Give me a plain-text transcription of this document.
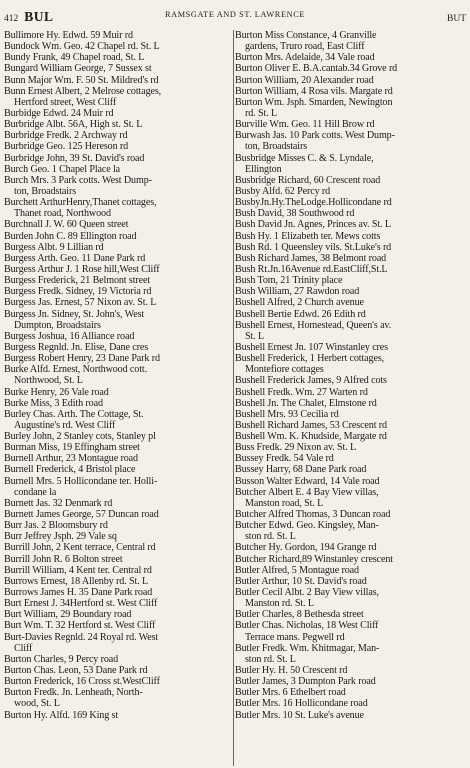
412 BUL	RAMSGATE AND ST. LAWRENCE	BUT
Bullimore Hy. Edwd. 59 Muir rd
Bundock Wm. Geo. 42 Chapel rd. St. L
Bundy Frank, 49 Chapel road, St. L
Bungard William George, 7 Sussex st
Bunn Major Wm. F. 50 St. Mildred's rd
Bunn Ernest Albert, 2 Melrose cottages,
Hertford street, West Cliff
Burbidge Edwd. 24 Muir rd
Burbridge Albt. 56A, High st. St. L
Burbridge Fredk. 2 Archway rd
Burbridge Geo. 125 Hereson rd
Burbridge John, 39 St. David's road
Burch Geo. 1 Chapel Place la
Burch Mrs. 3 Park cotts. West Dump-
ton, Broadstairs
Burchett ArthurHenry,Thanet cottages,
Thanet road, Northwood
Burchnall J. W. 60 Queen street
Burden John C. 89 Ellington road
Burgess Albt. 9 Lillian rd
Burgess Arth. Geo. 11 Dane Park rd
Burgess Arthur J. 1 Rose hill,West Cliff
Burgess Frederick, 21 Belmont street
Burgess Fredk. Sidney, 19 Victoria rd
Burgess Jas. Ernest, 57 Nixon av. St. L
Burgess Jn. Sidney, St. John's, West
Dumpton, Broadstairs
Burgess Joshua, 16 Alliance road
Burgess Regnld. Jn. Elise, Dane cres
Burgess Robert Henry, 23 Dane Park rd
Burke Alfd. Ernest, Northwood cott.
Northwood, St. L
Burke Henry, 26 Vale road
Burke Miss, 3 Edith road
Burley Chas. Arth. The Cottage, St.
Augustine's rd. West Cliff
Burley John, 2 Stanley cots, Stanley pl
Burman Miss, 19 Effingham street
Burnell Arthur, 23 Montague road
Burnell Frederick, 4 Bristol place
Burnell Mrs. 5 Hollicondane ter. Holli-
condane la
Burnett Jas. 32 Denmark rd
Burnett James George, 57 Duncan road
Burr Jas. 2 Bloomsbury rd
Burr Jeffrey Jsph. 29 Vale sq
Burrill John, 2 Kent terrace, Central rd
Burrill John R. 6 Bolton street
Burrill William, 4 Kent ter. Central rd
Burrows Ernest, 18 Allenby rd. St. L
Burrows James H. 35 Dane Park road
Burt Ernest J. 34Hertford st. West Cliff
Burt William, 29 Boundary road
Burt Wm. T. 32 Hertford st. West Cliff
Burt-Davies Regnld. 24 Royal rd. West
Cliff
Burton Charles, 9 Percy road
Burton Chas. Leon, 53 Dane Park rd
Burton Frederick, 16 Cross st.WestCliff
Burton Fredk. Jn. Lenheath, North-
wood, St. L
Burton Hy. Alfd. 169 King st
Burton Miss Constance, 4 Granville
gardens, Truro road, East Cliff
Burton Mrs. Adelaide, 34 Vale road
Burton Oliver E. B.A.cantab.34 Grove rd
Burton William, 20 Alexander road
Burton William, 4 Rosa vils. Margate rd
Burton Wm. Jsph. Smarden, Newington
rd. St. L
Burville Wm. Geo. 11 Hill Brow rd
Burwash Jas. 10 Park cotts. West Dump-
ton, Broadstairs
Busbridge Misses C. & S. Lyndale,
Ellington
Busbridge Richard, 60 Crescent road
Busby Alfd. 62 Percy rd
BusbyJn.Hy.TheLodge.Hollicondane rd
Bush David, 38 Southwood rd
Bush David Jn. Agnes, Princes av. St. L
Bush Hy. 1 Elizabeth ter. Mews cotts
Bush Rd. 1 Queensley vils. St.Luke's rd
Bush Richard James, 38 Belmont road
Bush Rt.Jn.16Avenue rd.EastCliff,St.L
Bush Tom, 21 Trinity place
Bush William, 27 Rawdon road
Bushell Alfred, 2 Church avenue
Bushell Bertie Edwd. 26 Edith rd
Bushell Ernest, Homestead, Queen's av.
St. L
Bushell Ernest Jn. 107 Winstanley cres
Bushell Frederick, 1 Herbert cottages,
Montefiore cottages
Bushell Frederick James, 9 Alfred cots
Bushell Fredk. Wm. 27 Warten rd
Bushell Jn. The Chalet, Elmstone rd
Bushell Mrs. 93 Cecilia rd
Bushell Richard James, 53 Crescent rd
Bushell Wm. K. Khudside, Margate rd
Buss Fredk. 29 Nixon av. St. L
Bussey Fredk. 54 Vale rd
Bussey Harry, 68 Dane Park road
Busson Walter Edward, 14 Vale road
Butcher Albert E. 4 Bay View villas,
Manston road, St. L
Butcher Alfred Thomas, 3 Duncan road
Butcher Edwd. Geo. Kingsley, Man-
ston rd. St. L
Butcher Hy. Gordon, 194 Grange rd
Butcher Richard,89 Winstanley crescent
Butler Alfred, 5 Montague road
Butler Arthur, 10 St. David's road
Butler Cecil Albt. 2 Bay View villas,
Manston rd. St. L
Butler Charles, 8 Bethesda street
Butler Chas. Nicholas, 18 West Cliff
Terrace mans. Pegwell rd
Butler Fredk. Wm. Khitmagar, Man-
ston rd. St. L
Butler Hy. H. 50 Crescent rd
Butler James, 3 Dumpton Park road
Butler Mrs. 6 Ethelbert road
Butler Mrs. 16 Hollicondane road
Butler Mrs. 10 St. Luke's avenue
